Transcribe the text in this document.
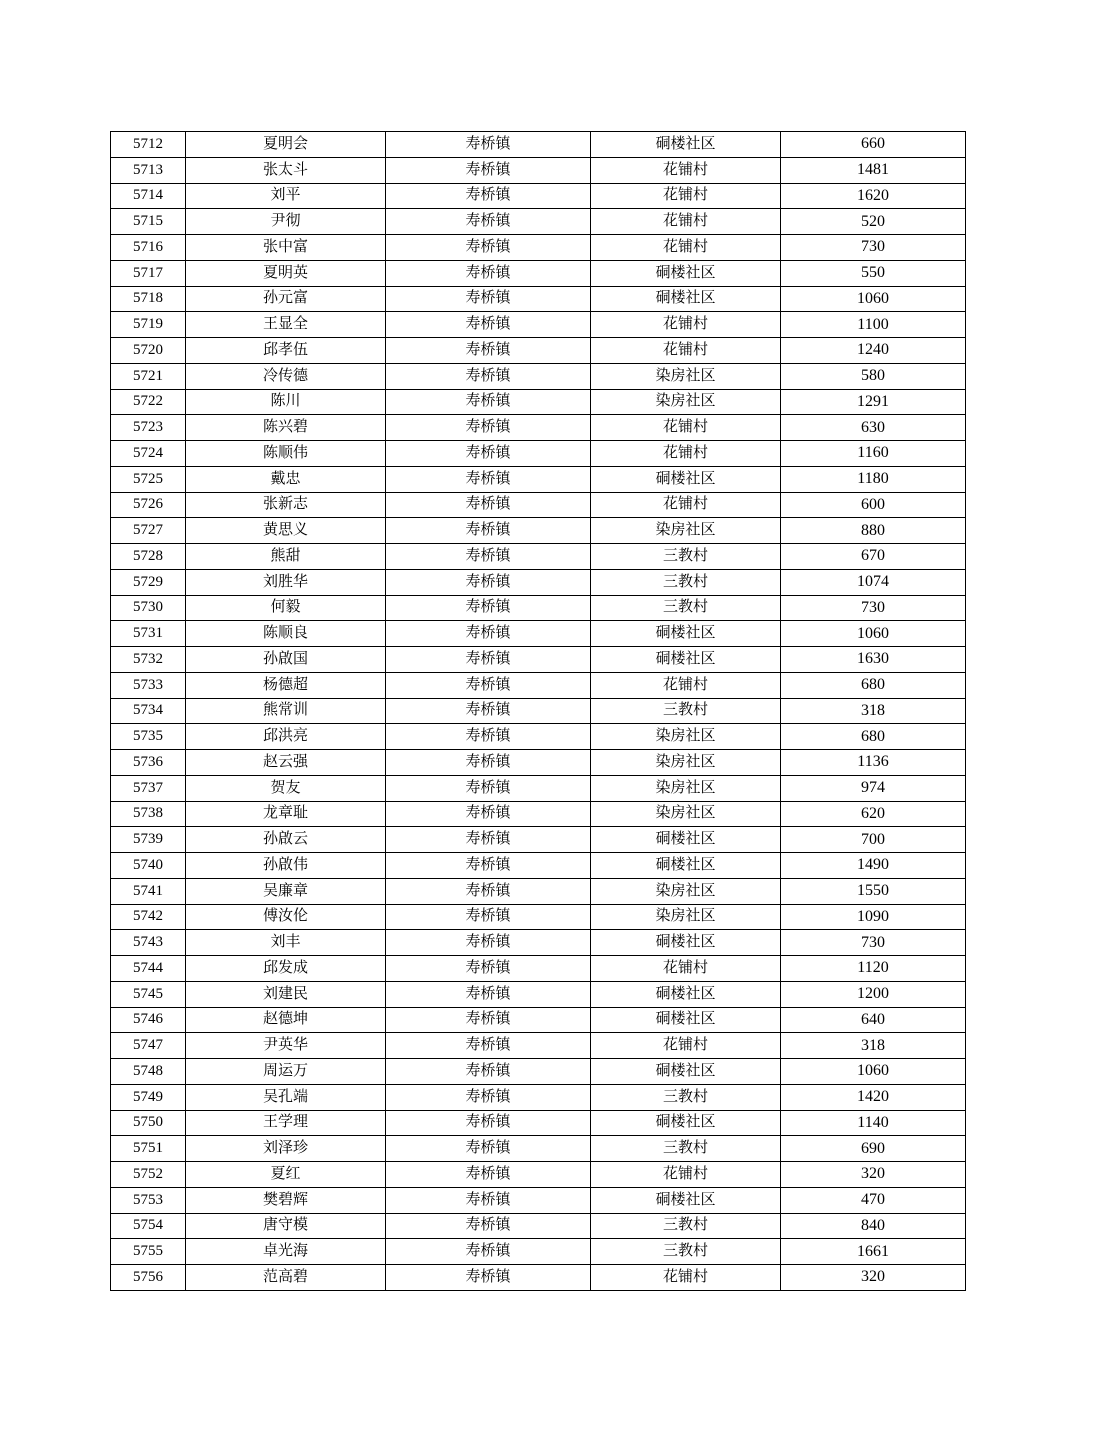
5712	夏明会	寿桥镇	硐楼社区	660
5713	张太斗	寿桥镇	花铺村	1481
5714	刘平	寿桥镇	花铺村	1620
5715	尹彻	寿桥镇	花铺村	520
5716	张中富	寿桥镇	花铺村	730
5717	夏明英	寿桥镇	硐楼社区	550
5718	孙元富	寿桥镇	硐楼社区	1060
5719	王显全	寿桥镇	花铺村	1100
5720	邱孝伍	寿桥镇	花铺村	1240
5721	冷传德	寿桥镇	染房社区	580
5722	陈川	寿桥镇	染房社区	1291
5723	陈兴碧	寿桥镇	花铺村	630
5724	陈顺伟	寿桥镇	花铺村	1160
5725	戴忠	寿桥镇	硐楼社区	1180
5726	张新志	寿桥镇	花铺村	600
5727	黄思义	寿桥镇	染房社区	880
5728	熊甜	寿桥镇	三教村	670
5729	刘胜华	寿桥镇	三教村	1074
5730	何毅	寿桥镇	三教村	730
5731	陈顺良	寿桥镇	硐楼社区	1060
5732	孙啟国	寿桥镇	硐楼社区	1630
5733	杨德超	寿桥镇	花铺村	680
5734	熊常训	寿桥镇	三教村	318
5735	邱洪亮	寿桥镇	染房社区	680
5736	赵云强	寿桥镇	染房社区	1136
5737	贺友	寿桥镇	染房社区	974
5738	龙章耻	寿桥镇	染房社区	620
5739	孙啟云	寿桥镇	硐楼社区	700
5740	孙啟伟	寿桥镇	硐楼社区	1490
5741	吴廉章	寿桥镇	染房社区	1550
5742	傅汝伦	寿桥镇	染房社区	1090
5743	刘丰	寿桥镇	硐楼社区	730
5744	邱发成	寿桥镇	花铺村	1120
5745	刘建民	寿桥镇	硐楼社区	1200
5746	赵德坤	寿桥镇	硐楼社区	640
5747	尹英华	寿桥镇	花铺村	318
5748	周运万	寿桥镇	硐楼社区	1060
5749	吴孔端	寿桥镇	三教村	1420
5750	王学理	寿桥镇	硐楼社区	1140
5751	刘泽珍	寿桥镇	三教村	690
5752	夏红	寿桥镇	花铺村	320
5753	樊碧辉	寿桥镇	硐楼社区	470
5754	唐守模	寿桥镇	三教村	840
5755	卓光海	寿桥镇	三教村	1661
5756	范高碧	寿桥镇	花铺村	320
